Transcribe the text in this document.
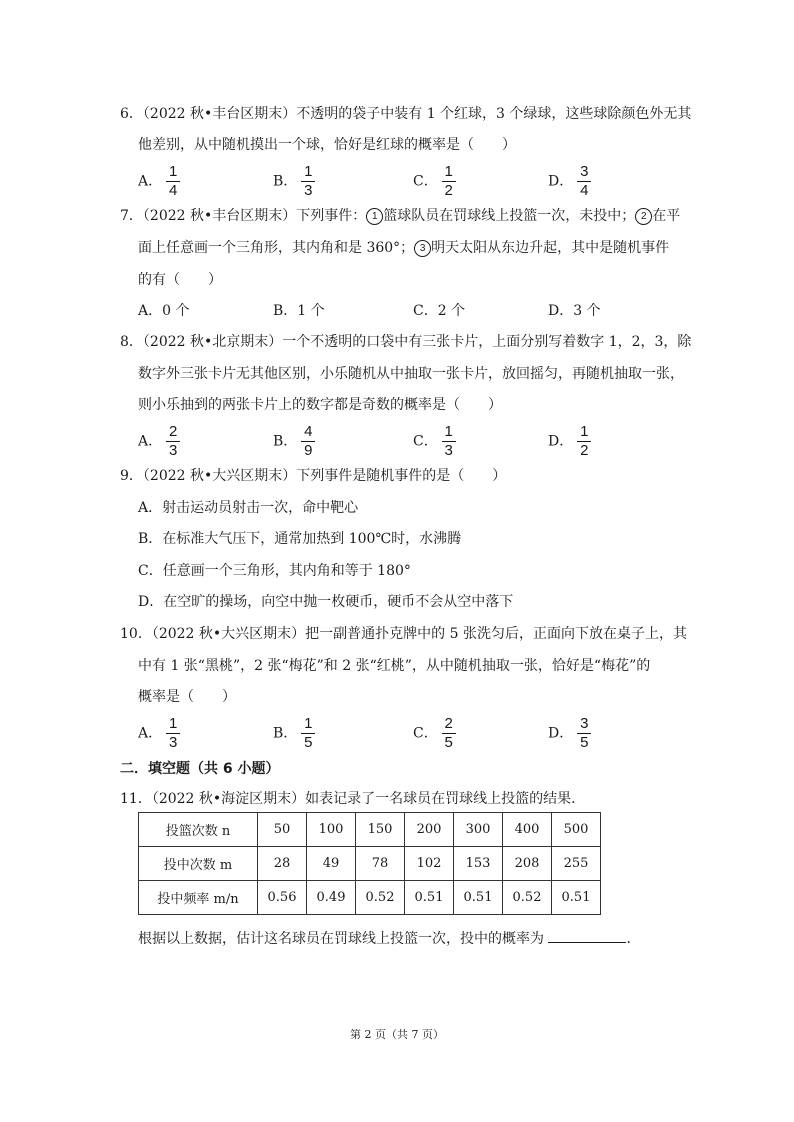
6．（2022 秋•丰台区期末）不透明的袋子中装有 1 个红球，3 个绿球，这些球除颜色外无其
他差别，从中随机摸出一个球，恰好是红球的概率是（　　）
A． $\frac{1}{4}$	B． $\frac{1}{3}$	C． $\frac{1}{2}$	D． $\frac{3}{4}$
7．（2022 秋•丰台区期末）下列事件： 1 篮球队员在罚球线上投篮一次，未投中； 2 在平
面上任意画一个三角形，其内角和是 360°； 3 明天太阳从东边升起，其中是随机事件
的有（　　）
A．0 个	B．1 个	C．2 个	D．3 个
8．（2022 秋•北京期末）一个不透明的口袋中有三张卡片，上面分别写着数字 1，2，3，除
数字外三张卡片无其他区别，小乐随机从中抽取一张卡片，放回摇匀，再随机抽取一张，
则小乐抽到的两张卡片上的数字都是奇数的概率是（　　）
A． $\frac{2}{3}$	B． $\frac{4}{9}$	C． $\frac{1}{3}$	D． $\frac{1}{2}$
9．（2022 秋•大兴区期末）下列事件是随机事件的是（　　）
A．射击运动员射击一次，命中靶心
B．在标准大气压下，通常加热到 100℃时，水沸腾
C．任意画一个三角形，其内角和等于 180°
D．在空旷的操场，向空中抛一枚硬币，硬币不会从空中落下
10．（2022 秋•大兴区期末）把一副普通扑克牌中的 5 张洗匀后，正面向下放在桌子上，其
中有 1 张“黑桃”，2 张“梅花”和 2 张“红桃”，从中随机抽取一张，恰好是“梅花”的
概率是（　　）
A． $\frac{1}{3}$	B． $\frac{1}{5}$	C． $\frac{2}{5}$	D． $\frac{3}{5}$
二．填空题（共 6 小题）
11．（2022 秋•海淀区期末）如表记录了一名球员在罚球线上投篮的结果．
投篮次数 n	50	100	150	200	300	400	500
投中次数 m	28	49	78	102	153	208	255
投中频率 m/n	0.56	0.49	0.52	0.51	0.51	0.52	0.51
根据以上数据，估计这名球员在罚球线上投篮一次，投中的概率为	．
第 2 页（共 7 页）
